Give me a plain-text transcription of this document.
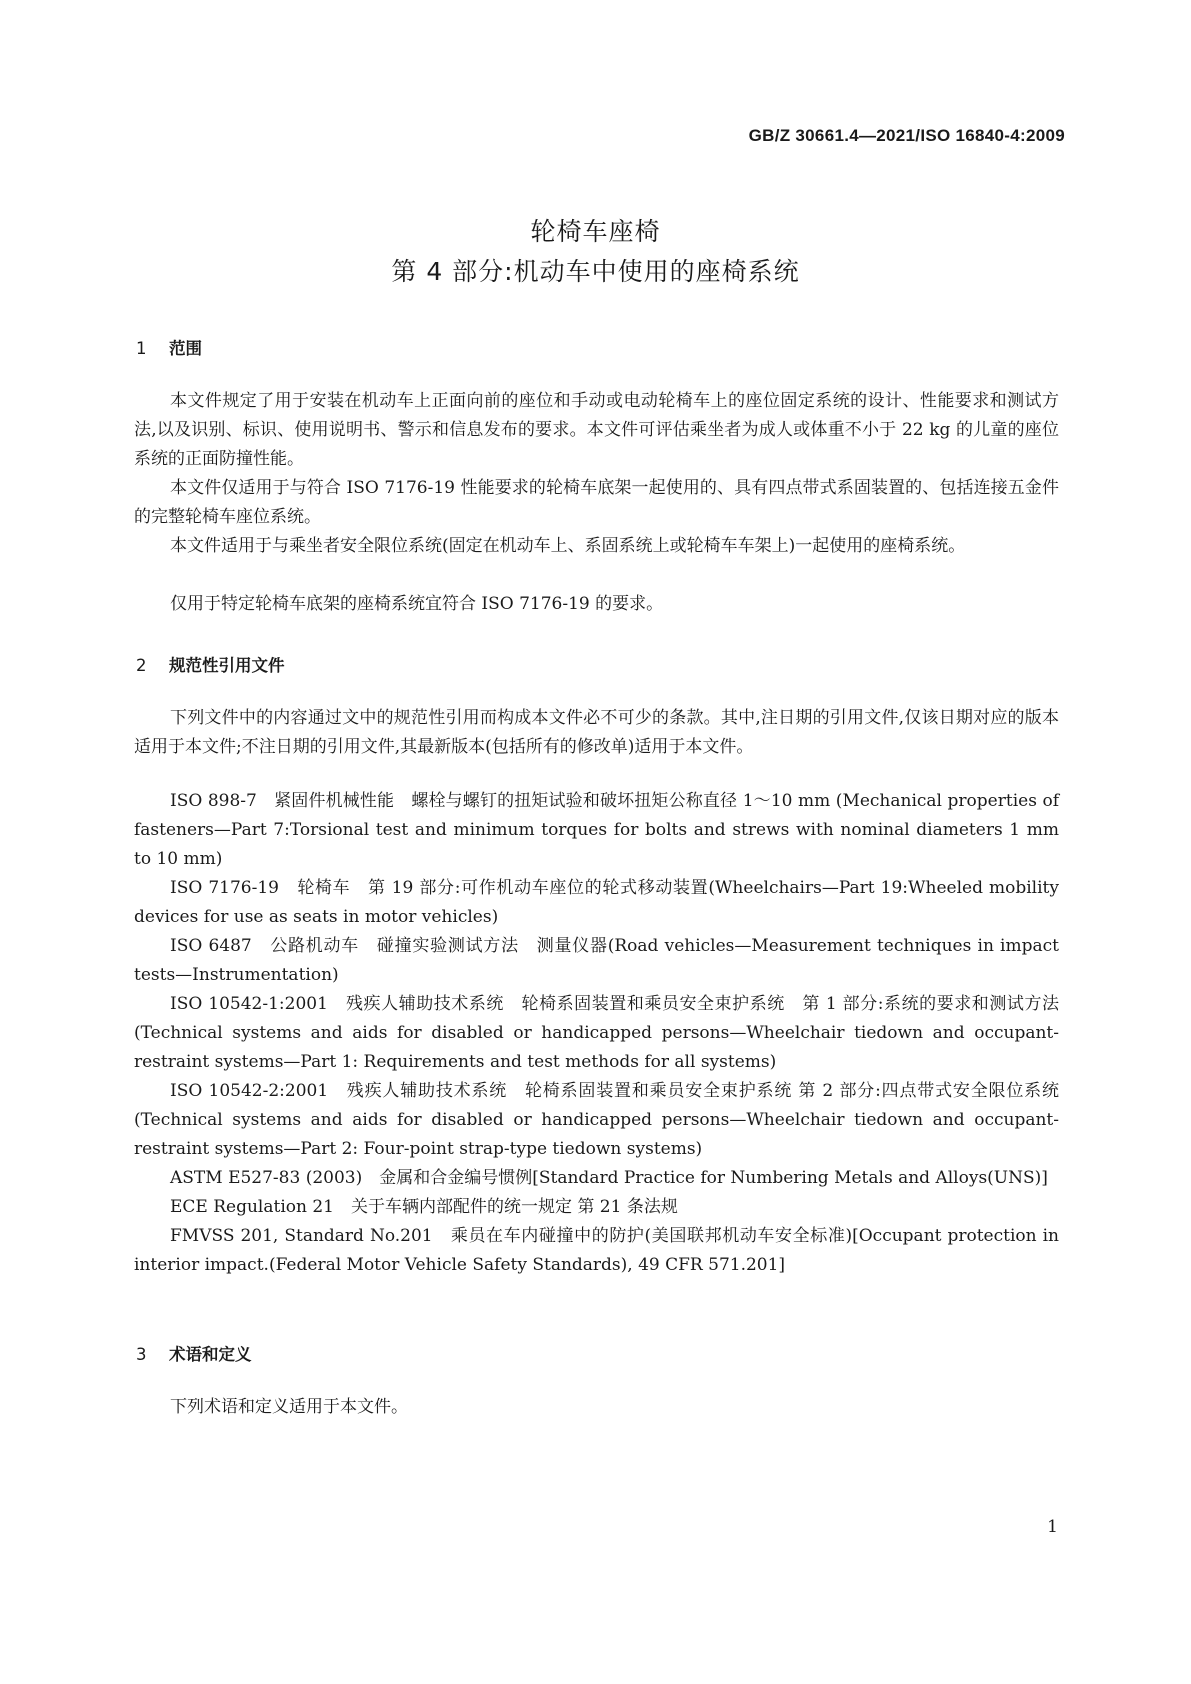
GB/Z 30661.4—2021/ISO 16840-4:2009
轮椅车座椅
第 4 部分:机动车中使用的座椅系统
1 范围
本文件规定了用于安装在机动车上正面向前的座位和手动或电动轮椅车上的座位固定系统的设计、性能要求和测试方法,以及识别、标识、使用说明书、警示和信息发布的要求。本文件可评估乘坐者为成人或体重不小于 22 kg 的儿童的座位系统的正面防撞性能。
本文件仅适用于与符合 ISO 7176-19 性能要求的轮椅车底架一起使用的、具有四点带式系固装置的、包括连接五金件的完整轮椅车座位系统。
本文件适用于与乘坐者安全限位系统(固定在机动车上、系固系统上或轮椅车车架上)一起使用的座椅系统。
仅用于特定轮椅车底架的座椅系统宜符合 ISO 7176-19 的要求。
2 规范性引用文件
下列文件中的内容通过文中的规范性引用而构成本文件必不可少的条款。其中,注日期的引用文件,仅该日期对应的版本适用于本文件;不注日期的引用文件,其最新版本(包括所有的修改单)适用于本文件。

ISO 898-7　紧固件机械性能　螺栓与螺钉的扭矩试验和破坏扭矩公称直径 1～10 mm (Mechanical properties of fasteners—Part 7:Torsional test and minimum torques for bolts and strews with nominal diameters 1 mm to 10 mm)

ISO 7176-19　轮椅车　第 19 部分:可作机动车座位的轮式移动装置(Wheelchairs—Part 19:Wheeled mobility devices for use as seats in motor vehicles)

ISO 6487　公路机动车　碰撞实验测试方法　测量仪器(Road vehicles—Measurement techniques in impact tests—Instrumentation)

ISO 10542-1:2001　残疾人辅助技术系统　轮椅系固装置和乘员安全束护系统　第 1 部分:系统的要求和测试方法(Technical systems and aids for disabled or handicapped persons—Wheelchair tiedown and occupant-restraint systems—Part 1: Requirements and test methods for all systems)

ISO 10542-2:2001　残疾人辅助技术系统　轮椅系固装置和乘员安全束护系统 第 2 部分:四点带式安全限位系统(Technical systems and aids for disabled or handicapped persons—Wheelchair tiedown and occupant-restraint systems—Part 2: Four-point strap-type tiedown systems)

ASTM E527-83 (2003)　金属和合金编号惯例[Standard Practice for Numbering Metals and Alloys(UNS)]

ECE Regulation 21　关于车辆内部配件的统一规定 第 21 条法规

FMVSS 201, Standard No.201　乘员在车内碰撞中的防护(美国联邦机动车安全标准)[Occupant protection in interior impact.(Federal Motor Vehicle Safety Standards), 49 CFR 571.201]

3 术语和定义
下列术语和定义适用于本文件。
1
